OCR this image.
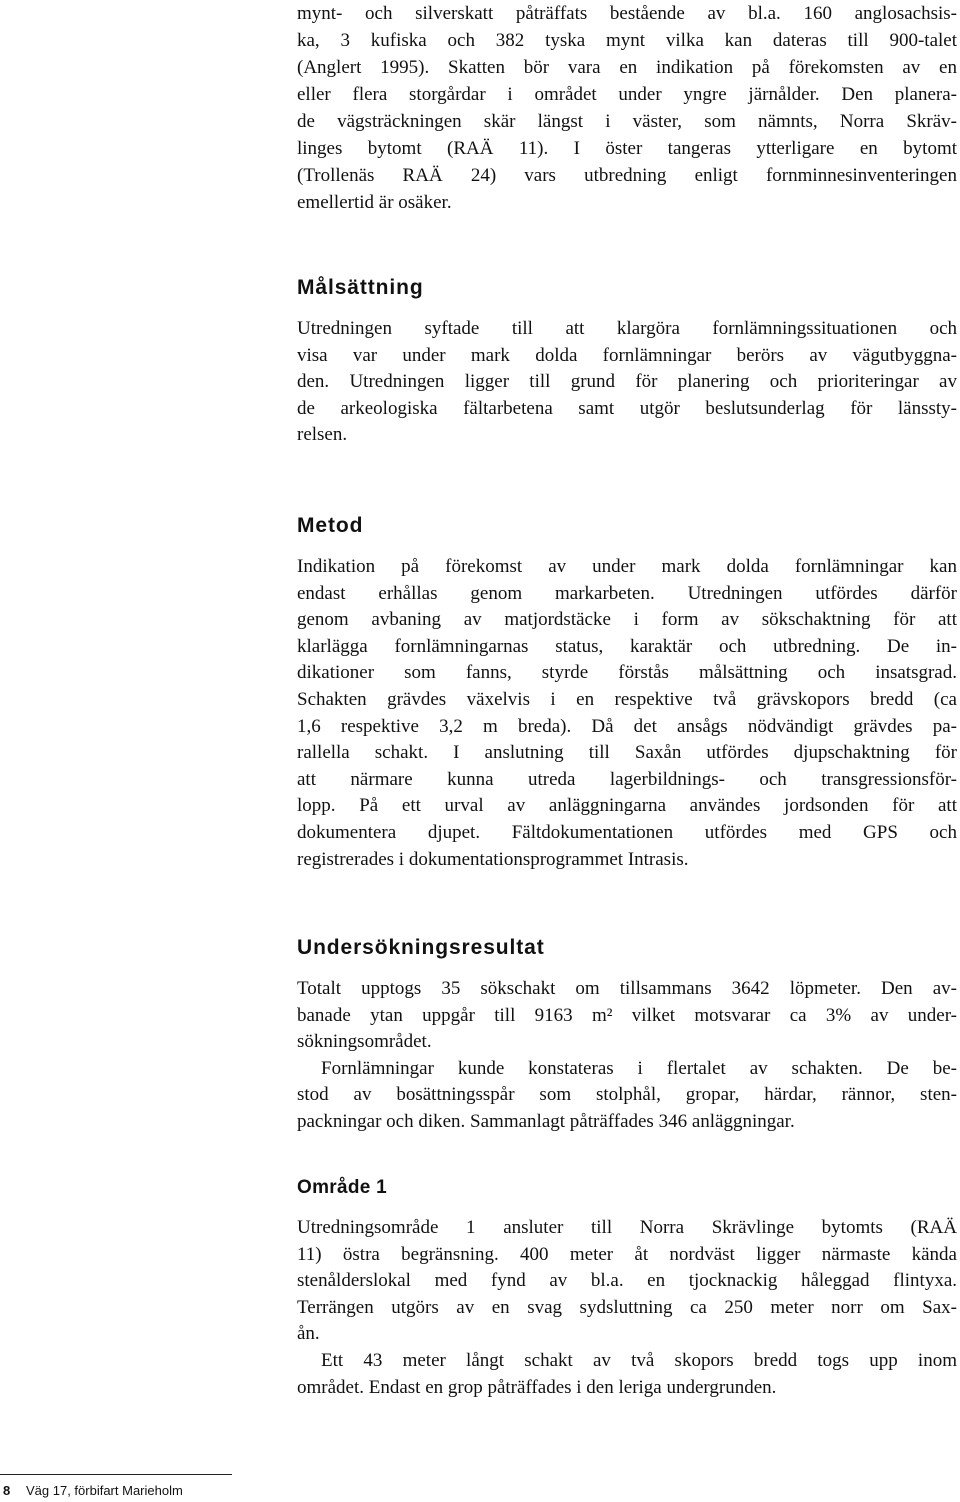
mynt- och silverskatt påträffats bestående av bl.a. 160 anglosachsis-
ka, 3 kufiska och 382 tyska mynt vilka kan dateras till 900-talet
(Anglert 1995). Skatten bör vara en indikation på förekomsten av en
eller flera storgårdar i området under yngre järnålder. Den planera-
de vägsträckningen skär längst i väster, som nämnts, Norra Skräv-
linges bytomt (RAÄ 11). I öster tangeras ytterligare en bytomt
(Trollenäs RAÄ 24) vars utbredning enligt fornminnesinventeringen
emellertid är osäker.
Målsättning
Utredningen syftade till att klargöra fornlämningssituationen och
visa var under mark dolda fornlämningar berörs av vägutbyggna-
den. Utredningen ligger till grund för planering och prioriteringar av
de arkeologiska fältarbetena samt utgör beslutsunderlag för länssty-
relsen.
Metod
Indikation på förekomst av under mark dolda fornlämningar kan
endast erhållas genom markarbeten. Utredningen utfördes därför
genom avbaning av matjordstäcke i form av sökschaktning för att
klarlägga fornlämningarnas status, karaktär och utbredning. De in-
dikationer som fanns, styrde förstås målsättning och insatsgrad.
Schakten grävdes växelvis i en respektive två grävskopors bredd (ca
1,6 respektive 3,2 m breda). Då det ansågs nödvändigt grävdes pa-
rallella schakt. I anslutning till Saxån utfördes djupschaktning för
att närmare kunna utreda lagerbildnings- och transgressionsför-
lopp. På ett urval av anläggningarna användes jordsonden för att
dokumentera djupet. Fältdokumentationen utfördes med GPS och
registrerades i dokumentationsprogrammet Intrasis.
Undersökningsresultat
Totalt upptogs 35 sökschakt om tillsammans 3642 löpmeter. Den av-
banade ytan uppgår till 9163 m² vilket motsvarar ca 3% av under-
sökningsområdet.
Fornlämningar kunde konstateras i flertalet av schakten. De be-
stod av bosättningsspår som stolphål, gropar, härdar, rännor, sten-
packningar och diken. Sammanlagt påträffades 346 anläggningar.
Område 1
Utredningsområde 1 ansluter till Norra Skrävlinge bytomts (RAÄ
11) östra begränsning. 400 meter åt nordväst ligger närmaste kända
stenålderslokal med fynd av bl.a. en tjocknackig håleggad flintyxa.
Terrängen utgörs av en svag sydsluttning ca 250 meter norr om Sax-
ån.
Ett 43 meter långt schakt av två skopors bredd togs upp inom
området. Endast en grop påträffades i den leriga undergrunden.
8 Väg 17, förbifart Marieholm
